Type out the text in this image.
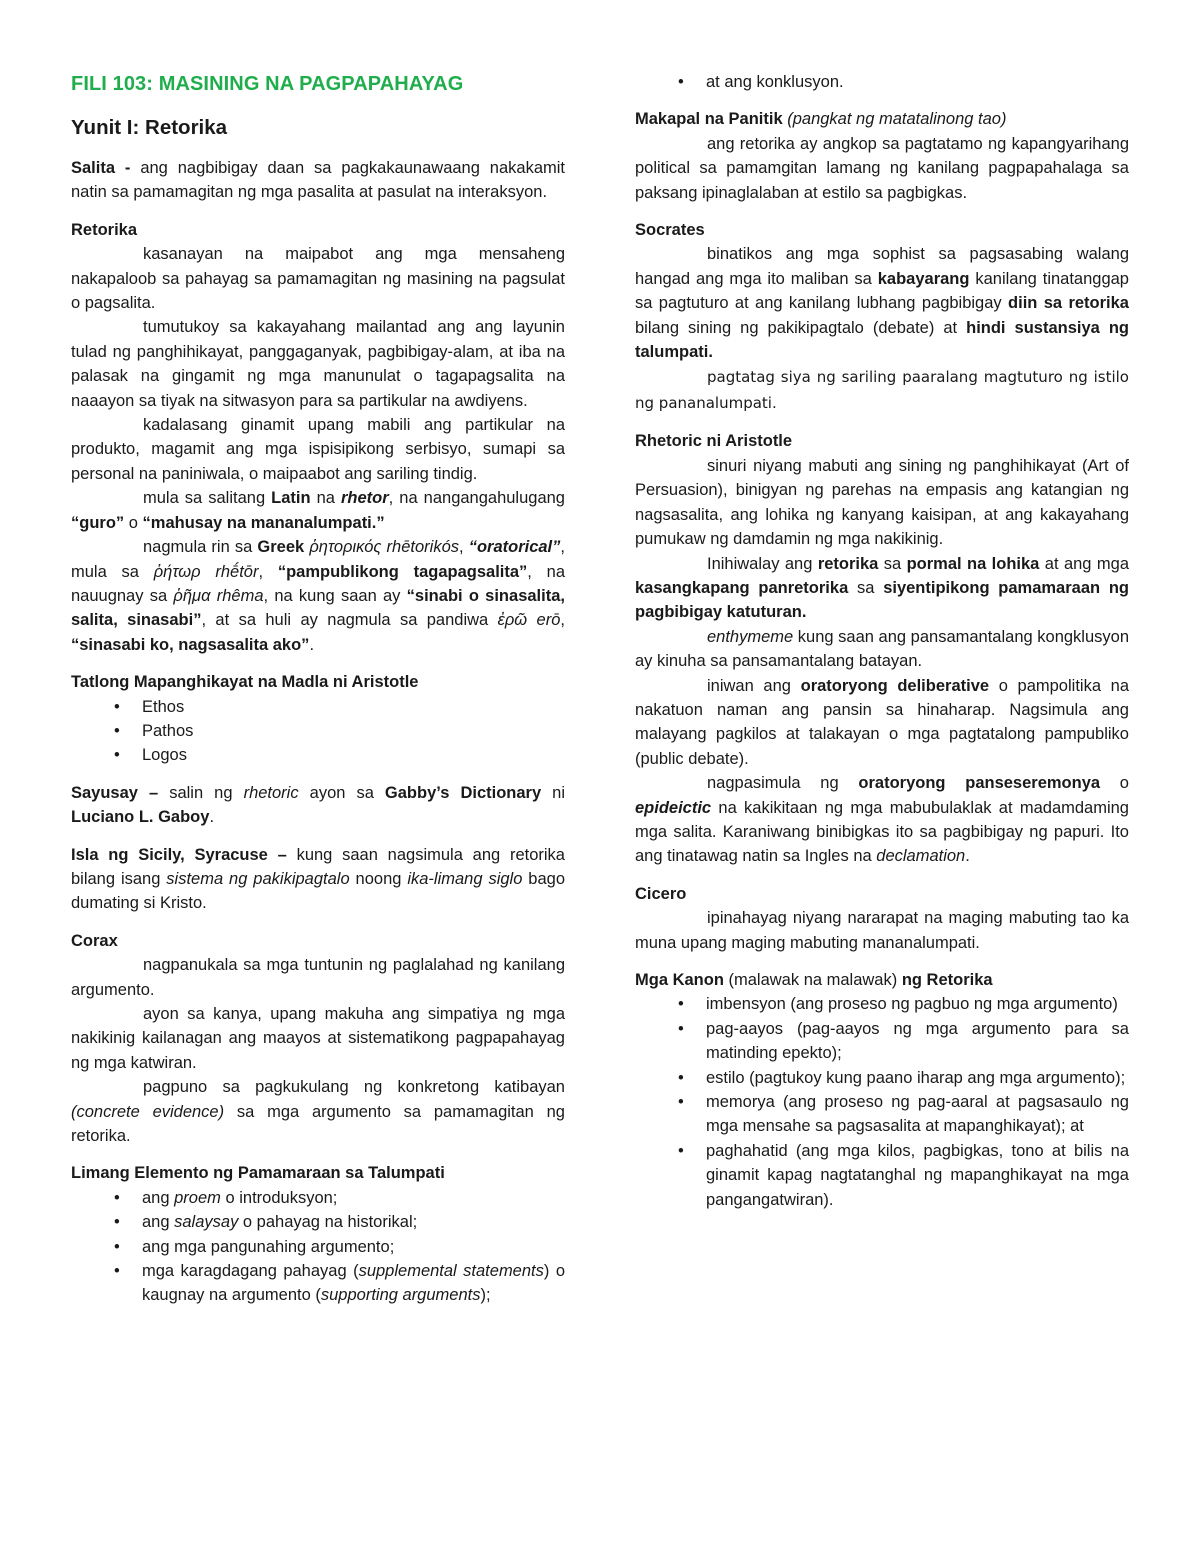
FILI 103: MASINING NA PAGPAPAHAYAG
Yunit I: Retorika

Salita - ang nagbibigay daan sa pagkakaunawaang nakakamit natin sa pamamagitan ng mga pasalita at pasulat na interaksyon.

Retorika

kasanayan na maipabot ang mga mensaheng nakapaloob sa pahayag sa pamamagitan ng masining na pagsulat o pagsalita.

tumutukoy sa kakayahang mailantad ang ang layunin tulad ng panghihikayat, panggaganyak, pagbibigay-alam, at iba na palasak na gingamit ng mga manunulat o tagapagsalita na naaayon sa tiyak na sitwasyon para sa partikular na awdiyens.

kadalasang ginamit upang mabili ang partikular na produkto, magamit ang mga ispisipikong serbisyo, sumapi sa personal na paniniwala, o maipaabot ang sariling tindig.

mula sa salitang Latin na rhetor, na nangangahulugang “guro” o “mahusay na mananalumpati.”

nagmula rin sa Greek ῥητορικός rhētorikós, “oratorical”, mula sa ῥήτωρ rhḗtōr, “pampublikong tagapagsalita”, na nauugnay sa ῥῆμα rhêma, na kung saan ay “sinabi o sinasalita, salita, sinasabi”, at sa huli ay nagmula sa pandiwa ἐρῶ erō, “sinasabi ko, nagsasalita ako”.

Tatlong Mapanghikayat na Madla ni Aristotle

• Ethos
• Pathos
• Logos

Sayusay – salin ng rhetoric ayon sa Gabby’s Dictionary ni Luciano L. Gaboy.

Isla ng Sicily, Syracuse – kung saan nagsimula ang retorika bilang isang sistema ng pakikipagtalo noong ika-limang siglo bago dumating si Kristo.

Corax

nagpanukala sa mga tuntunin ng paglalahad ng kanilang argumento.

ayon sa kanya, upang makuha ang simpatiya ng mga nakikinig kailanagan ang maayos at sistematikong pagpapahayag ng mga katwiran.

pagpuno sa pagkukulang ng konkretong katibayan (concrete evidence) sa mga argumento sa pamamagitan ng retorika.

Limang Elemento ng Pamamaraan sa Talumpati

• ang proem o introduksyon;
• ang salaysay o pahayag na historikal;
• ang mga pangunahing argumento;
• mga karagdagang pahayag (supplemental statements) o kaugnay na argumento (supporting arguments);
• at ang konklusyon.

Makapal na Panitik (pangkat ng matatalinong tao)

ang retorika ay angkop sa pagtatamo ng kapangyarihang political sa pamamgitan lamang ng kanilang pagpapahalaga sa paksang ipinaglalaban at estilo sa pagbigkas.

Socrates

binatikos ang mga sophist sa pagsasabing walang hangad ang mga ito maliban sa kabayarang kanilang tinatanggap sa pagtuturo at ang kanilang lubhang pagbibigay diin sa retorika bilang sining ng pakikipagtalo (debate) at hindi sustansiya ng talumpati.

pagtatag siya ng sariling paaralang magtuturo ng istilo ng pananalumpati.

Rhetoric ni Aristotle

sinuri niyang mabuti ang sining ng panghihikayat (Art of Persuasion), binigyan ng parehas na empasis ang katangian ng nagsasalita, ang lohika ng kanyang kaisipan, at ang kakayahang pumukaw ng damdamin ng mga nakikinig.

Inihiwalay ang retorika sa pormal na lohika at ang mga kasangkapang panretorika sa siyentipikong pamamaraan ng pagbibigay katuturan.

enthymeme kung saan ang pansamantalang kongklusyon ay kinuha sa pansamantalang batayan.

iniwan ang oratoryong deliberative o pampolitika na nakatuon naman ang pansin sa hinaharap. Nagsimula ang malayang pagkilos at talakayan o mga pagtatalong pampubliko (public debate).

nagpasimula ng oratoryong panseseremonya o epideictic na kakikitaan ng mga mabubulaklak at madamdaming mga salita. Karaniwang binibigkas ito sa pagbibigay ng papuri. Ito ang tinatawag natin sa Ingles na declamation.

Cicero

ipinahayag niyang nararapat na maging mabuting tao ka muna upang maging mabuting mananalumpati.

Mga Kanon (malawak na malawak) ng Retorika

• imbensyon (ang proseso ng pagbuo ng mga argumento)
• pag-aayos (pag-aayos ng mga argumento para sa matinding epekto);
• estilo (pagtukoy kung paano iharap ang mga argumento);
• memorya (ang proseso ng pag-aaral at pagsasaulo ng mga mensahe sa pagsasalita at mapanghikayat); at
• paghahatid (ang mga kilos, pagbigkas, tono at bilis na ginamit kapag nagtatanghal ng mapanghikayat na mga pangangatwiran).
